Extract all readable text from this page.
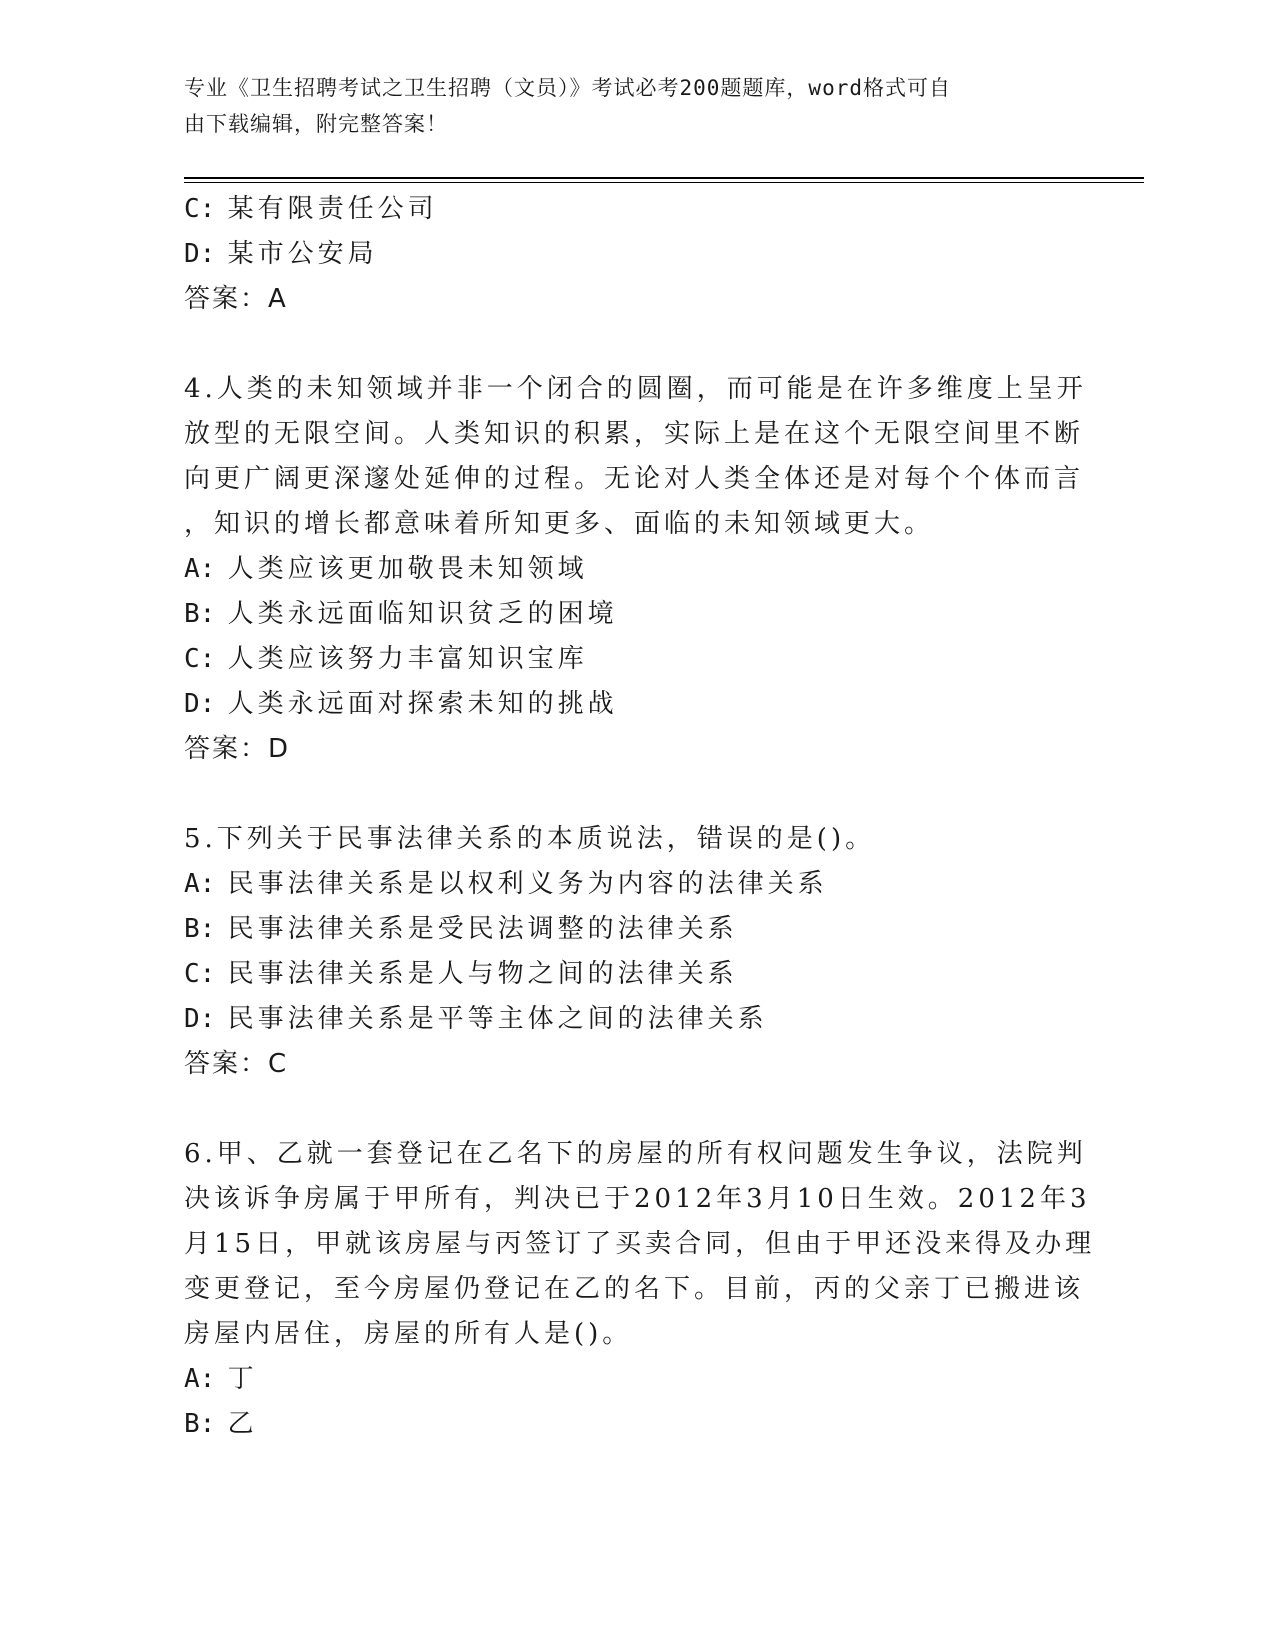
专业《卫生招聘考试之卫生招聘（文员）》考试必考200题题库，word格式可自
由下载编辑，附完整答案！
C: 某有限责任公司
D: 某市公安局
答案：A
4.人类的未知领域并非一个闭合的圆圈，而可能是在许多维度上呈开
放型的无限空间。人类知识的积累，实际上是在这个无限空间里不断
向更广阔更深邃处延伸的过程。无论对人类全体还是对每个个体而言
，知识的增长都意味着所知更多、面临的未知领域更大。
A: 人类应该更加敬畏未知领域
B: 人类永远面临知识贫乏的困境
C: 人类应该努力丰富知识宝库
D: 人类永远面对探索未知的挑战
答案：D
5.下列关于民事法律关系的本质说法，错误的是()。
A: 民事法律关系是以权利义务为内容的法律关系
B: 民事法律关系是受民法调整的法律关系
C: 民事法律关系是人与物之间的法律关系
D: 民事法律关系是平等主体之间的法律关系
答案：C
6.甲、乙就一套登记在乙名下的房屋的所有权问题发生争议，法院判
决该诉争房属于甲所有，判决已于2012年3月10日生效。2012年3
月15日，甲就该房屋与丙签订了买卖合同，但由于甲还没来得及办理
变更登记，至今房屋仍登记在乙的名下。目前，丙的父亲丁已搬进该
房屋内居住，房屋的所有人是()。
A: 丁
B: 乙
